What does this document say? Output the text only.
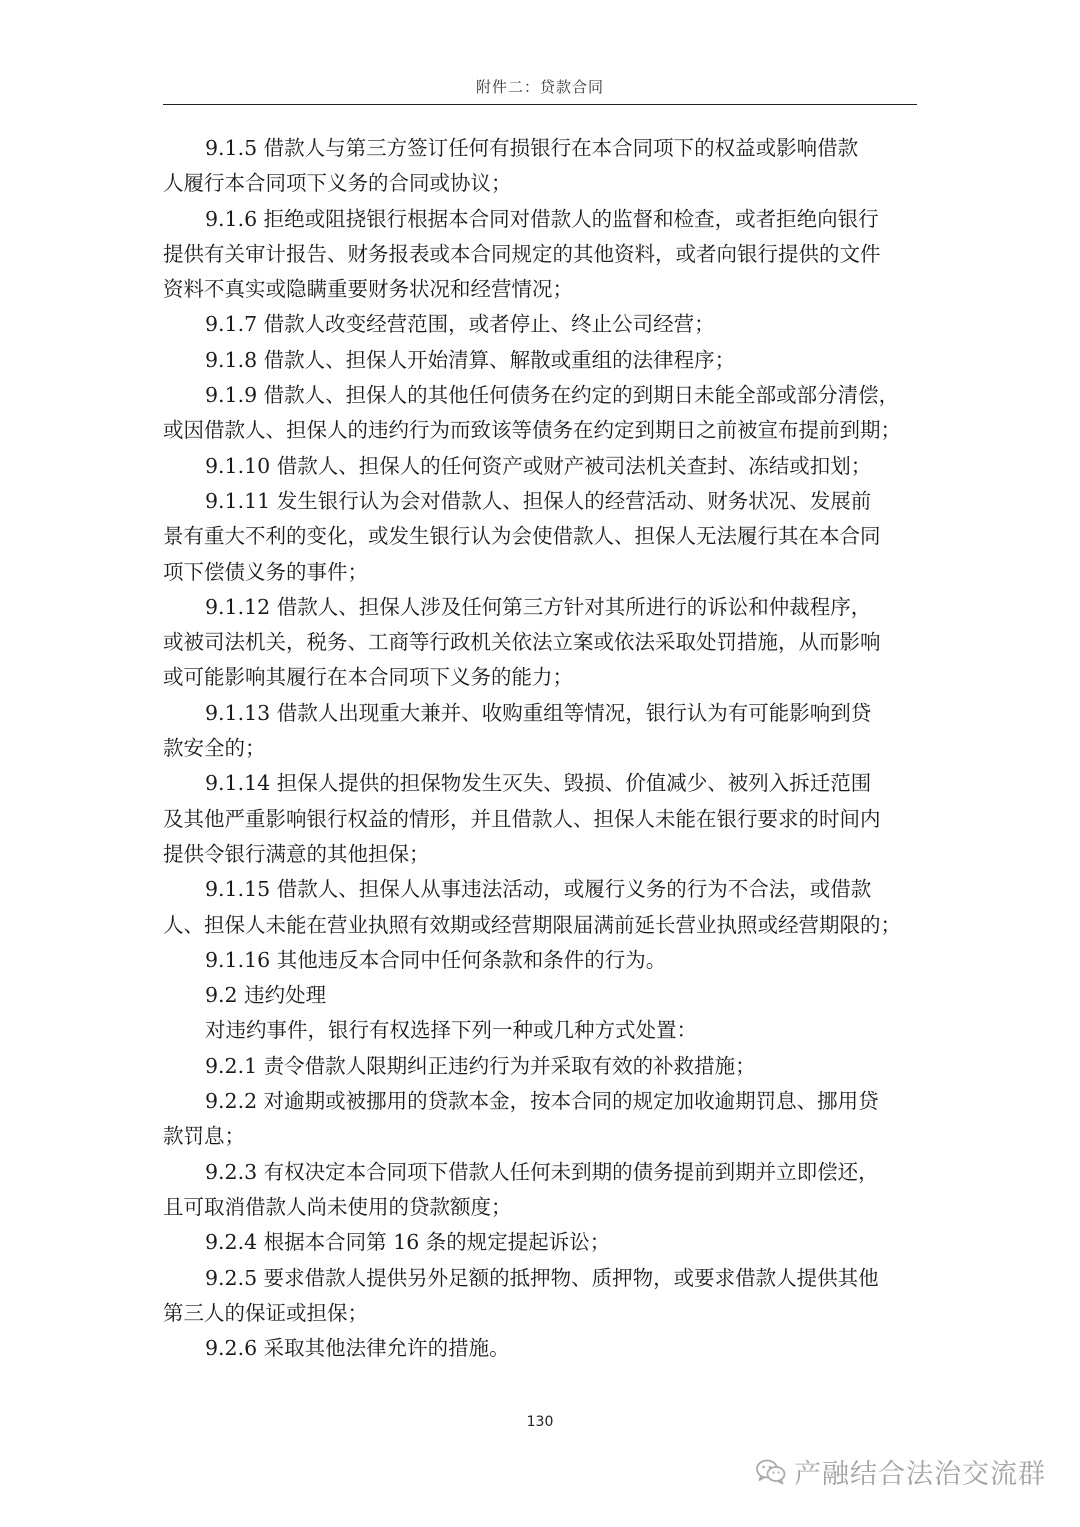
附件二：贷款合同
9.1.5 借款人与第三方签订任何有损银行在本合同项下的权益或影响借款
人履行本合同项下义务的合同或协议；
9.1.6 拒绝或阻挠银行根据本合同对借款人的监督和检查，或者拒绝向银行
提供有关审计报告、财务报表或本合同规定的其他资料，或者向银行提供的文件
资料不真实或隐瞒重要财务状况和经营情况；
9.1.7 借款人改变经营范围，或者停止、终止公司经营；
9.1.8 借款人、担保人开始清算、解散或重组的法律程序；
9.1.9 借款人、担保人的其他任何债务在约定的到期日未能全部或部分清偿，
或因借款人、担保人的违约行为而致该等债务在约定到期日之前被宣布提前到期；
9.1.10 借款人、担保人的任何资产或财产被司法机关查封、冻结或扣划；
9.1.11 发生银行认为会对借款人、担保人的经营活动、财务状况、发展前
景有重大不利的变化，或发生银行认为会使借款人、担保人无法履行其在本合同
项下偿债义务的事件；
9.1.12 借款人、担保人涉及任何第三方针对其所进行的诉讼和仲裁程序，
或被司法机关，税务、工商等行政机关依法立案或依法采取处罚措施，从而影响
或可能影响其履行在本合同项下义务的能力；
9.1.13 借款人出现重大兼并、收购重组等情况，银行认为有可能影响到贷
款安全的；
9.1.14 担保人提供的担保物发生灭失、毁损、价值减少、被列入拆迁范围
及其他严重影响银行权益的情形，并且借款人、担保人未能在银行要求的时间内
提供令银行满意的其他担保；
9.1.15 借款人、担保人从事违法活动，或履行义务的行为不合法，或借款
人、担保人未能在营业执照有效期或经营期限届满前延长营业执照或经营期限的；
9.1.16 其他违反本合同中任何条款和条件的行为。
9.2 违约处理
对违约事件，银行有权选择下列一种或几种方式处置：
9.2.1 责令借款人限期纠正违约行为并采取有效的补救措施；
9.2.2 对逾期或被挪用的贷款本金，按本合同的规定加收逾期罚息、挪用贷
款罚息；
9.2.3 有权决定本合同项下借款人任何未到期的债务提前到期并立即偿还，
且可取消借款人尚未使用的贷款额度；
9.2.4 根据本合同第 16 条的规定提起诉讼；
9.2.5 要求借款人提供另外足额的抵押物、质押物，或要求借款人提供其他
第三人的保证或担保；
9.2.6 采取其他法律允许的措施。
130
产融结合法治交流群
